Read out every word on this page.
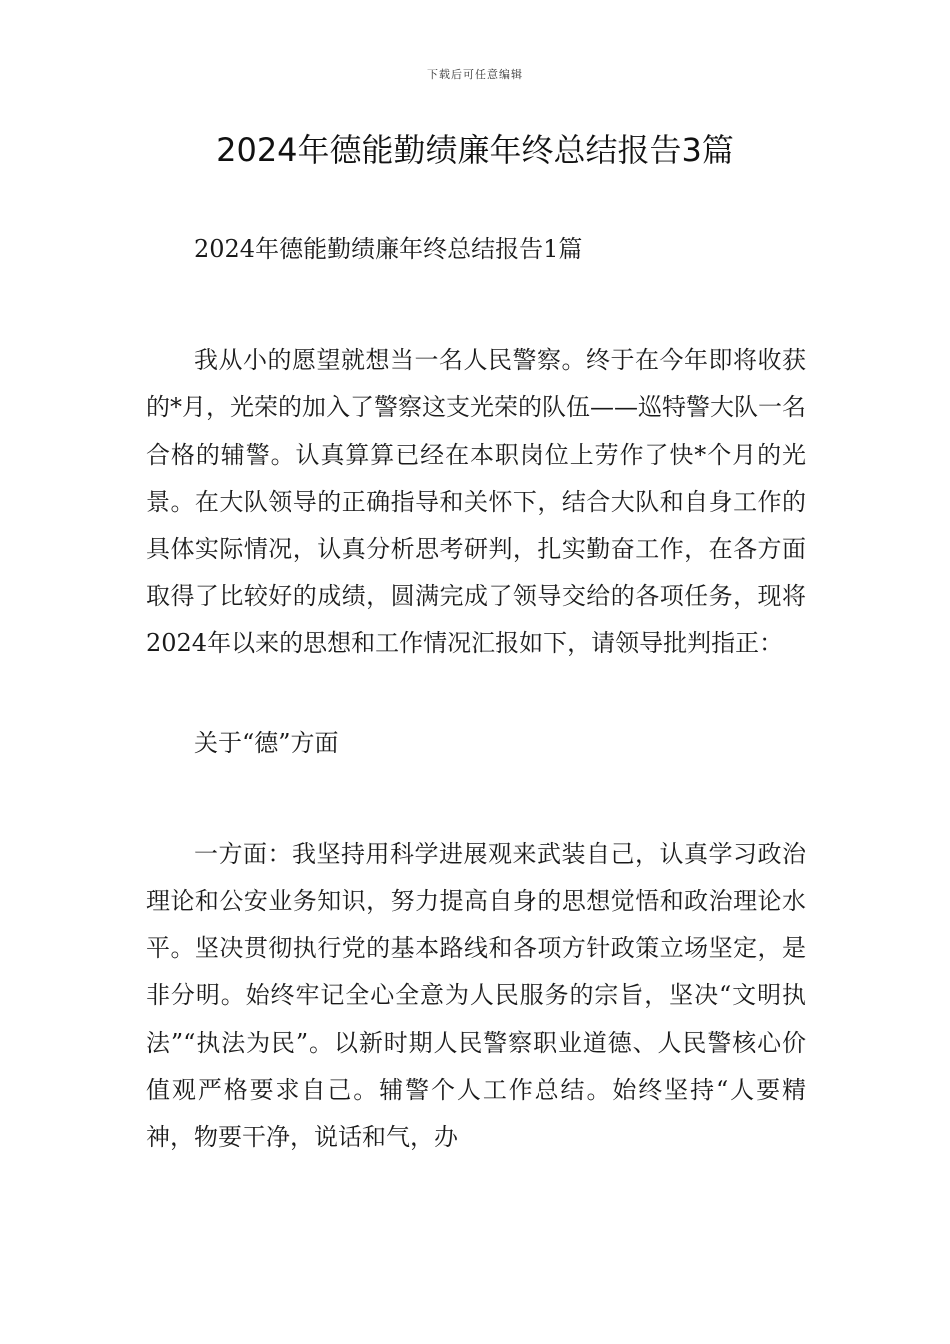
下载后可任意编辑
2024年德能勤绩廉年终总结报告3篇

2024年德能勤绩廉年终总结报告1篇

我从小的愿望就想当一名人民警察。终于在今年即将收获的*月，光荣的加入了警察这支光荣的队伍——巡特警大队一名合格的辅警。认真算算已经在本职岗位上劳作了快*个月的光景。在大队领导的正确指导和关怀下，结合大队和自身工作的具体实际情况，认真分析思考研判，扎实勤奋工作，在各方面取得了比较好的成绩，圆满完成了领导交给的各项任务，现将2024年以来的思想和工作情况汇报如下，请领导批判指正：

关于“德”方面

一方面：我坚持用科学进展观来武装自己，认真学习政治理论和公安业务知识，努力提高自身的思想觉悟和政治理论水平。坚决贯彻执行党的基本路线和各项方针政策立场坚定，是非分明。始终牢记全心全意为人民服务的宗旨，坚决“文明执法”“执法为民”。以新时期人民警察职业道德、人民警核心价值观严格要求自己。辅警个人工作总结。始终坚持“人要精神，物要干净，说话和气，办
